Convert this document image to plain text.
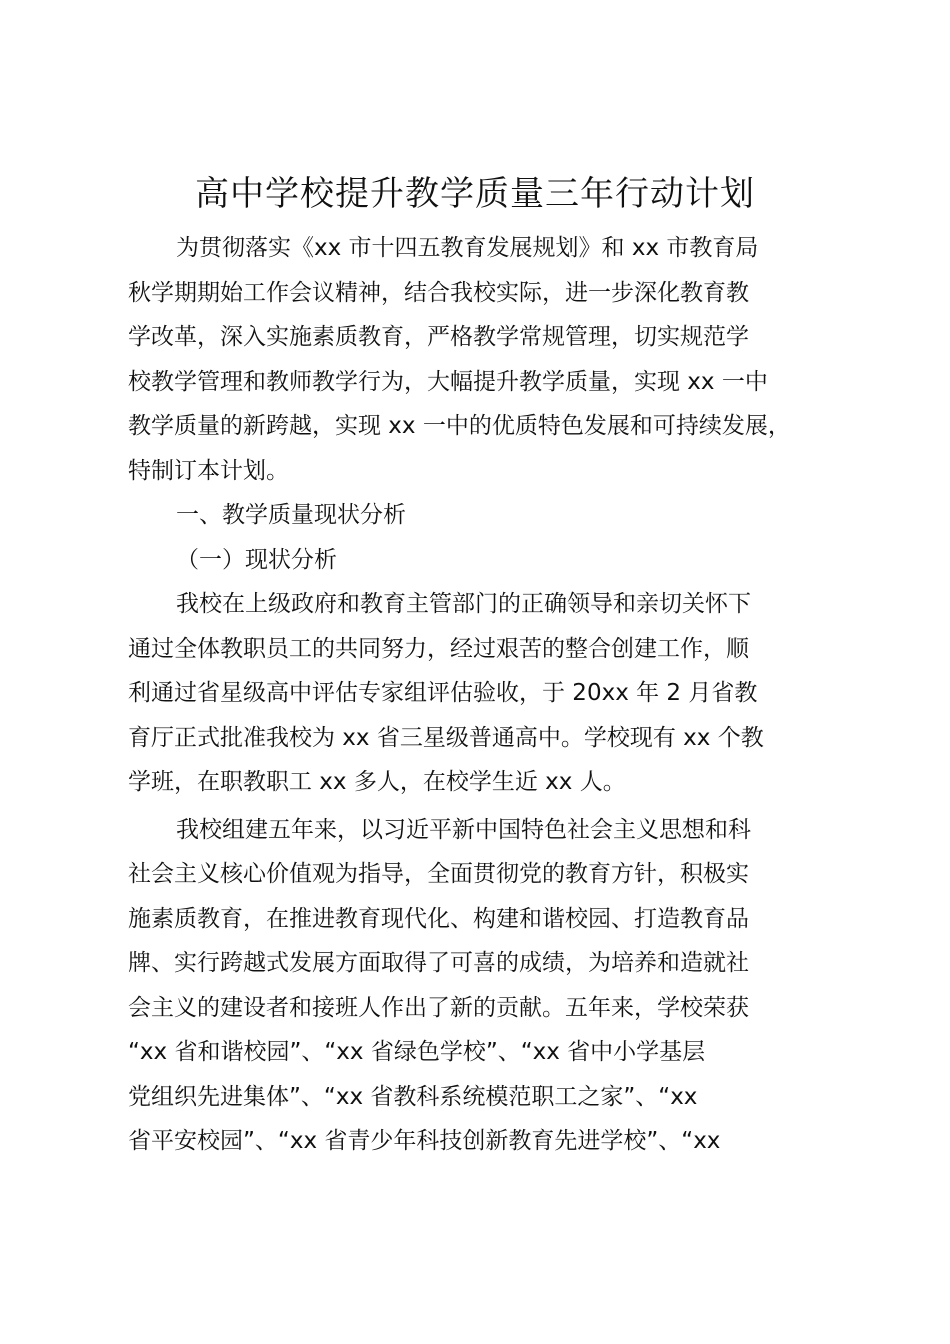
高中学校提升教学质量三年行动计划
为贯彻落实《xx 市十四五教育发展规划》和 xx 市教育局
秋学期期始工作会议精神，结合我校实际，进一步深化教育教
学改革，深入实施素质教育，严格教学常规管理，切实规范学
校教学管理和教师教学行为，大幅提升教学质量，实现 xx 一中
教学质量的新跨越，实现 xx 一中的优质特色发展和可持续发展，
特制订本计划。
一、教学质量现状分析
（一）现状分析
我校在上级政府和教育主管部门的正确领导和亲切关怀下
通过全体教职员工的共同努力，经过艰苦的整合创建工作，顺
利通过省星级高中评估专家组评估验收，于 20xx 年 2 月省教
育厅正式批准我校为 xx 省三星级普通高中。学校现有 xx 个教
学班，在职教职工 xx 多人，在校学生近 xx 人。
我校组建五年来，以习近平新中国特色社会主义思想和科
社会主义核心价值观为指导，全面贯彻党的教育方针，积极实
施素质教育，在推进教育现代化、构建和谐校园、打造教育品
牌、实行跨越式发展方面取得了可喜的成绩，为培养和造就社
会主义的建设者和接班人作出了新的贡献。五年来，学校荣获
“xx 省和谐校园”、“xx 省绿色学校”、“xx 省中小学基层
党组织先进集体”、“xx 省教科系统模范职工之家”、“xx
省平安校园”、“xx 省青少年科技创新教育先进学校”、“xx
